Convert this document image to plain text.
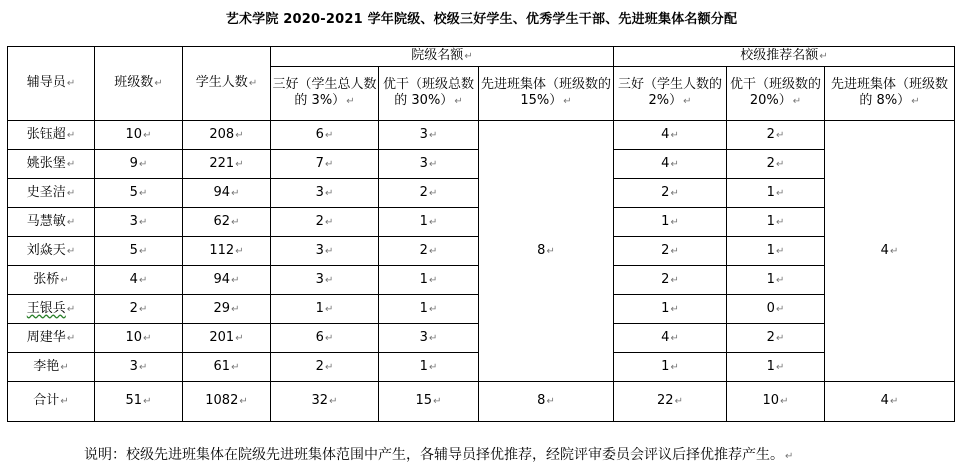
艺术学院 2020-2021 学年院级、校级三好学生、优秀学生干部、先进班集体名额分配
辅导员↵	班级数↵	学生人数↵	院级名额↵			校级推荐名额↵		
			三好（学生总人数的 3%）↵	优干（班级总数的 30%）↵	先进班集体（班级数的 15%）↵	三好（学生人数的 2%）↵	优干（班级数的 20%）↵	先进班集体（班级数的 8%）↵
张钰超↵	10↵	208↵	6↵	3↵	8↵	4↵	2↵	4↵
姚张堡↵	9↵	221↵	7↵	3↵		4↵	2↵	
史圣洁↵	5↵	94↵	3↵	2↵		2↵	1↵	
马慧敏↵	3↵	62↵	2↵	1↵		1↵	1↵	
刘焱天↵	5↵	112↵	3↵	2↵		2↵	1↵	
张桥↵	4↵	94↵	3↵	1↵		2↵	1↵	
王银兵↵	2↵	29↵	1↵	1↵		1↵	0↵	
周建华↵	10↵	201↵	6↵	3↵		4↵	2↵	
李艳↵	3↵	61↵	2↵	1↵		1↵	1↵	
合计↵	51↵	1082↵	32↵	15↵	8↵	22↵	10↵	4↵
说明：校级先进班集体在院级先进班集体范围中产生，各辅导员择优推荐，经院评审委员会评议后择优推荐产生。↵
